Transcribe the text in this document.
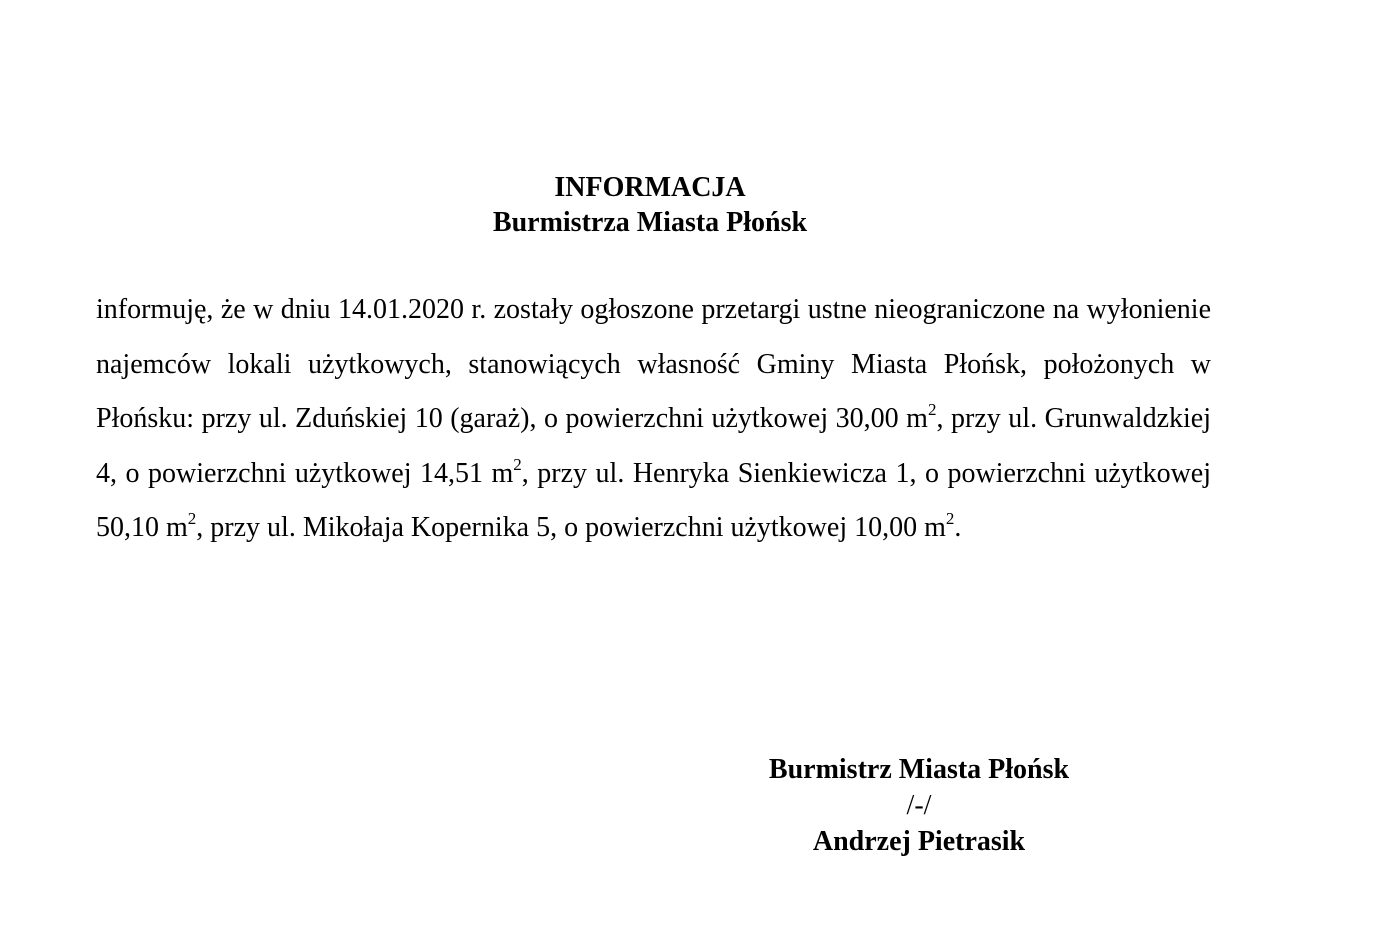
INFORMACJA
Burmistrza Miasta Płońsk

informuję, że w dniu 14.01.2020 r. zostały ogłoszone przetargi ustne nieograniczone na wyłonienie najemców lokali użytkowych, stanowiących własność Gminy Miasta Płońsk, położonych w Płońsku: przy ul. Zduńskiej 10 (garaż), o powierzchni użytkowej 30,00 $m^2$, przy ul. Grunwaldzkiej 4, o powierzchni użytkowej 14,51 $m^2$, przy ul. Henryka Sienkiewicza 1, o powierzchni użytkowej 50,10 $m^2$, przy ul. Mikołaja Kopernika 5, o powierzchni użytkowej 10,00 $m^2$.

Burmistrz Miasta Płońsk
/-/
Andrzej Pietrasik
